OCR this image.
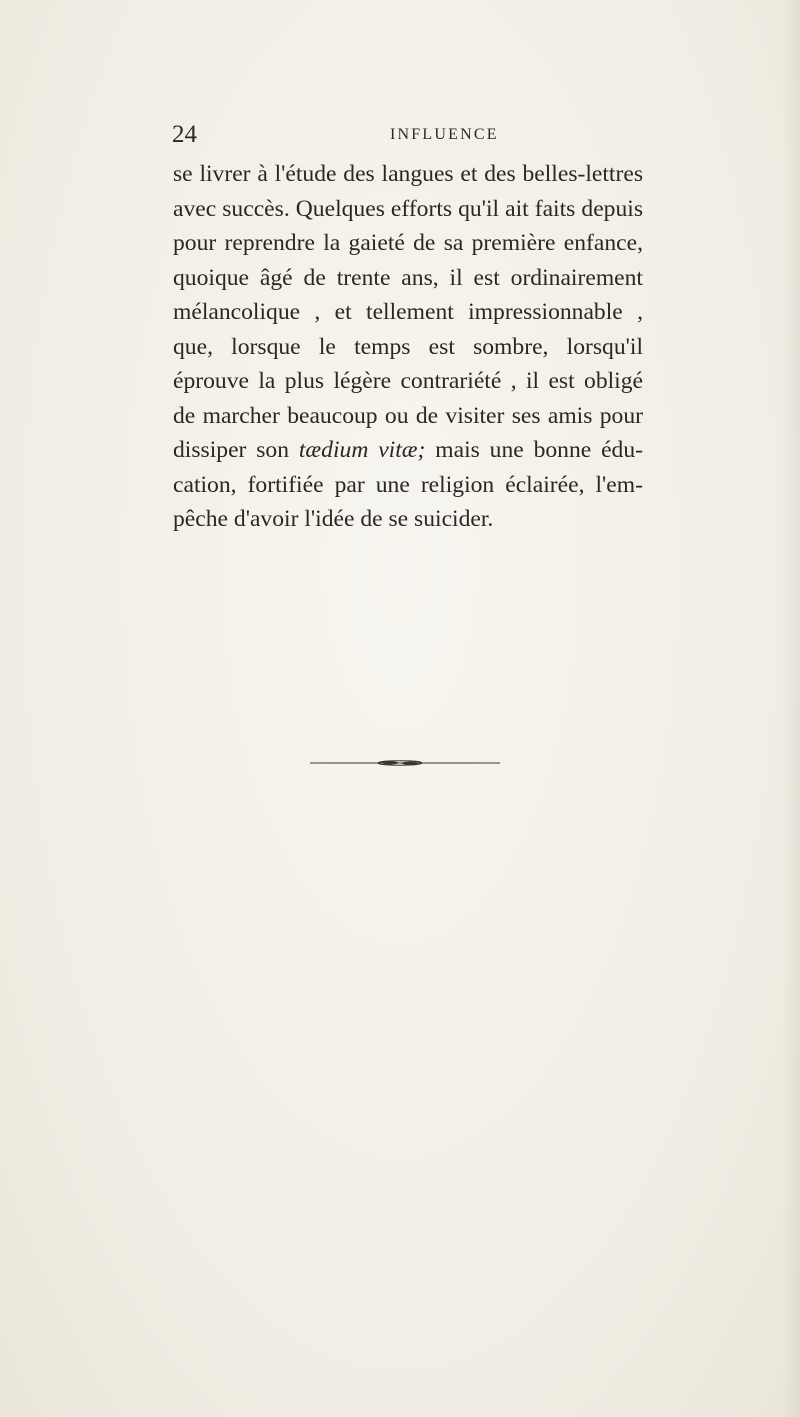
24	INFLUENCE
se livrer à l'étude des langues et des belles-lettres
avec succès. Quelques efforts qu'il ait faits depuis
pour reprendre la gaieté de sa première enfance,
quoique âgé de trente ans, il est ordinairement
mélancolique , et tellement impressionnable ,
que, lorsque le temps est sombre, lorsqu'il
éprouve la plus légère contrariété , il est obligé
de marcher beaucoup ou de visiter ses amis pour
dissiper son tædium vitæ; mais une bonne édu-
cation, fortifiée par une religion éclairée, l'em-
pêche d'avoir l'idée de se suicider.
